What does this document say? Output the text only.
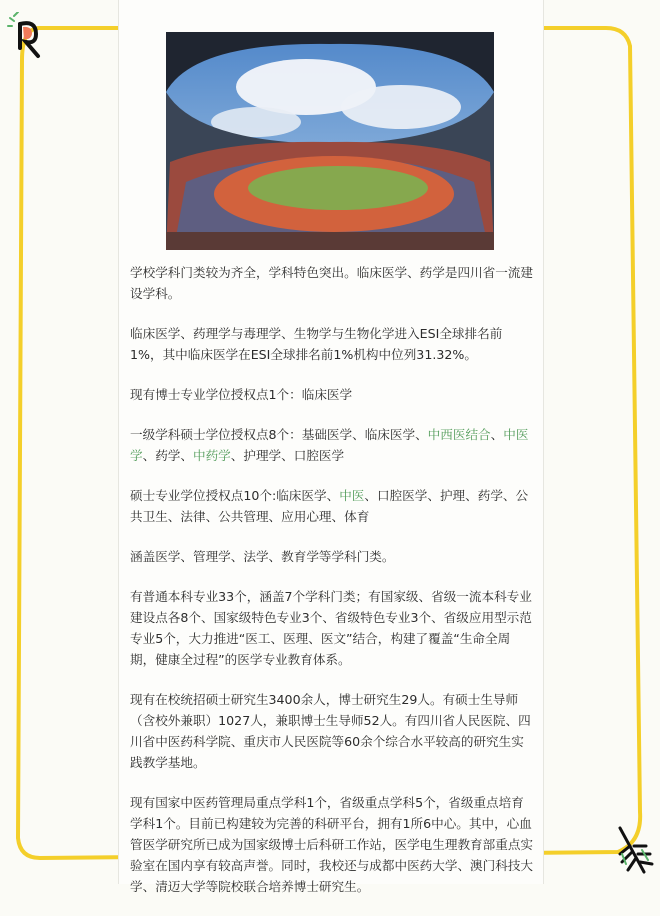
学校学科门类较为齐全，学科特色突出。临床医学、药学是四川省一流建设学科。

临床医学、药理学与毒理学、生物学与生物化学进入ESI全球排名前1%，其中临床医学在ESI全球排名前1%机构中位列31.32%。

现有博士专业学位授权点1个：临床医学

一级学科硕士学位授权点8个：基础医学、临床医学、中西医结合、中医学、药学、中药学、护理学、口腔医学

硕士专业学位授权点10个:临床医学、中医、口腔医学、护理、药学、公共卫生、法律、公共管理、应用心理、体育

涵盖医学、管理学、法学、教育学等学科门类。

有普通本科专业33个，涵盖7个学科门类；有国家级、省级一流本科专业建设点各8个、国家级特色专业3个、省级特色专业3个、省级应用型示范专业5个，大力推进“医工、医理、医文”结合，构建了覆盖“生命全周期，健康全过程”的医学专业教育体系。

现有在校统招硕士研究生3400余人，博士研究生29人。有硕士生导师（含校外兼职）1027人，兼职博士生导师52人。有四川省人民医院、四川省中医药科学院、重庆市人民医院等60余个综合水平较高的研究生实践教学基地。

现有国家中医药管理局重点学科1个，省级重点学科5个，省级重点培育学科1个。目前已构建较为完善的科研平台，拥有1所6中心。其中，心血管医学研究所已成为国家级博士后科研工作站，医学电生理教育部重点实验室在国内享有较高声誉。同时，我校还与成都中医药大学、澳门科技大学、清迈大学等院校联合培养博士研究生。
